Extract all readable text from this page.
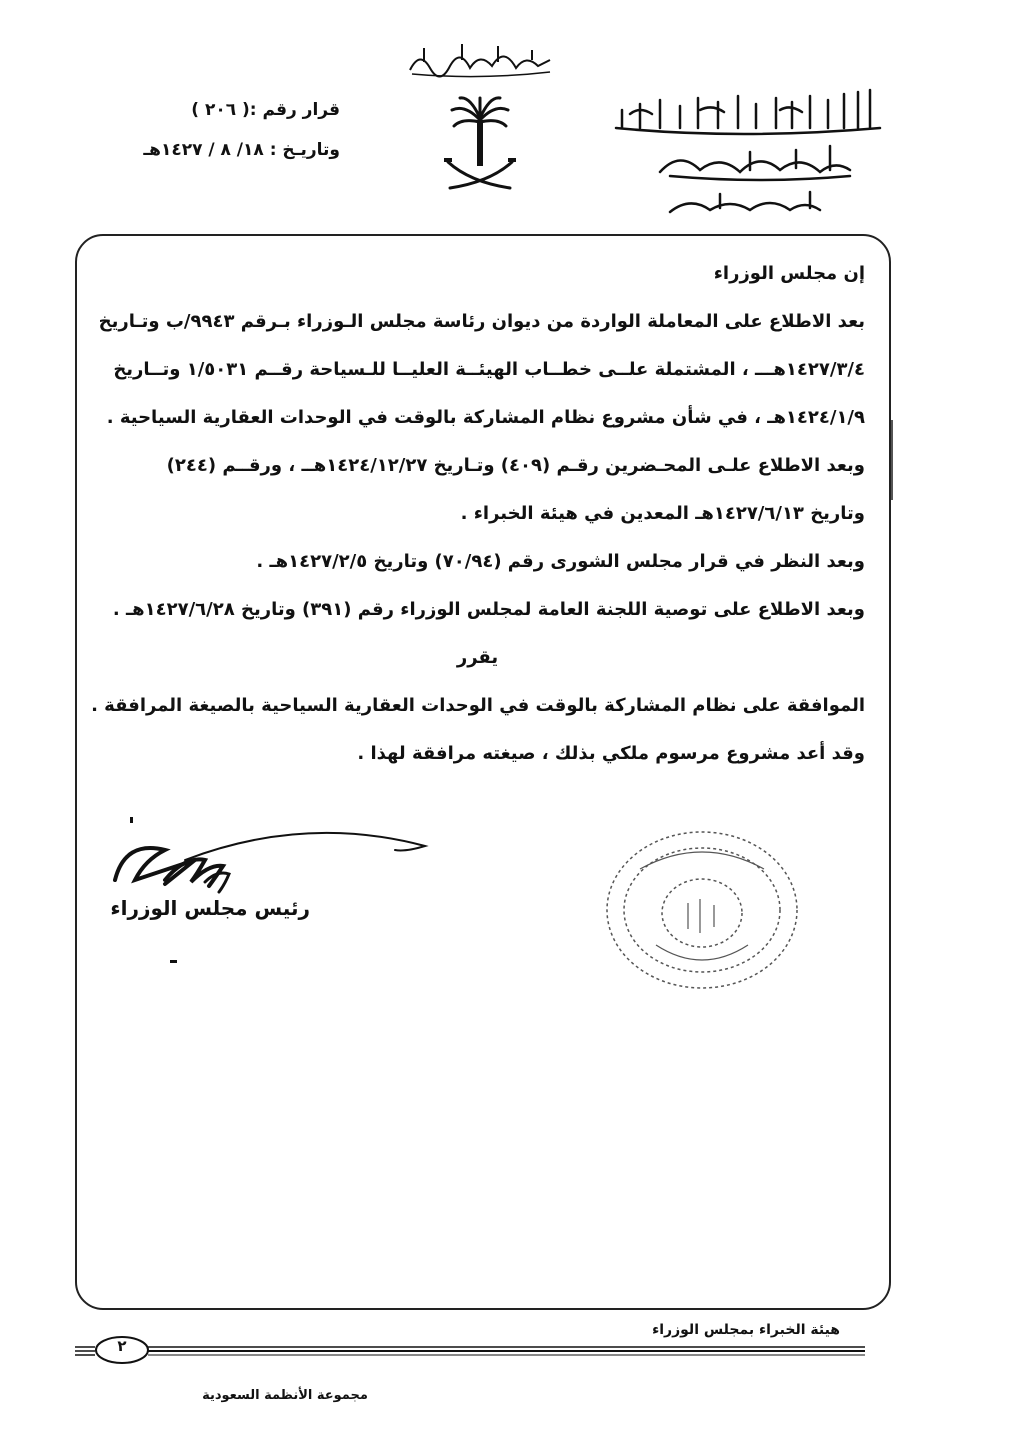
قرار رقم :( ٢٠٦ )
وتاريـخ : ١٨/ ٨ / ١٤٢٧هـ
إن مجلس الوزراء
بعد الاطلاع على المعاملة الواردة من ديوان رئاسة مجلس الـوزراء بـرقم ٩٩٤٣/ب وتـاريخ
١٤٢٧/٣/٤هـــ ، المشتملة علــى خطــاب الهيئــة العليــا للـسياحة رقــم ١/٥٠٣١ وتــاريخ
١٤٢٤/١/٩هـ ، في شأن مشروع نظام المشاركة بالوقت في الوحدات العقارية السياحية .
وبعد الاطلاع علـى المحـضرين رقـم (٤٠٩) وتـاريخ ١٤٢٤/١٢/٢٧هــ ، ورقــم (٢٤٤)
وتاريخ ١٤٢٧/٦/١٣هـ المعدين في هيئة الخبراء .
وبعد النظر في قرار مجلس الشورى رقم (٧٠/٩٤) وتاريخ ١٤٢٧/٢/٥هـ .
وبعد الاطلاع على توصية اللجنة العامة لمجلس الوزراء رقم (٣٩١) وتاريخ ١٤٢٧/٦/٢٨هـ .
يقرر
الموافقة على نظام المشاركة بالوقت في الوحدات العقارية السياحية بالصيغة المرافقة .
وقد أعد مشروع مرسوم ملكي بذلك ، صيغته مرافقة لهذا .
رئيس مجلس الوزراء
هيئة الخبراء بمجلس الوزراء
٢
مجموعة الأنظمة السعودية
